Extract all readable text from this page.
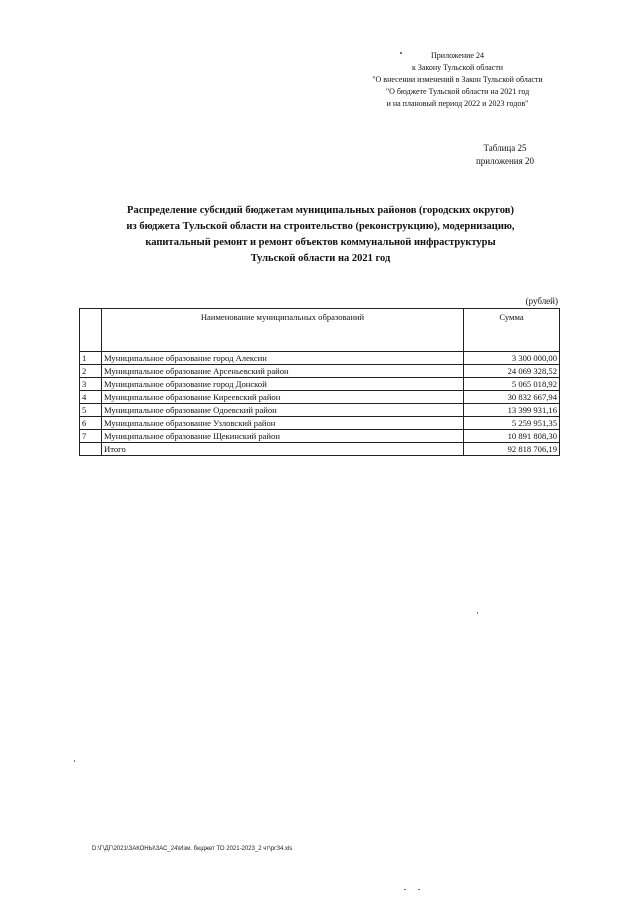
Приложение 24
к Закону Тульской области
"О внесении изменений в Закон Тульской области
"О бюджете Тульской области на 2021 год
и на плановый период 2022 и 2023 годов"
Таблица 25
приложения 20
Распределение субсидий бюджетам муниципальных районов (городских округов)
из бюджета Тульской области на строительство (реконструкцию), модернизацию,
капитальный ремонт и ремонт объектов коммунальной инфраструктуры
Тульской области на 2021 год
(рублей)
	Наименование муниципальных образований	Сумма
1	Муниципальное образование город Алексин	3 300 000,00
2	Муниципальное образование Арсеньевский район	24 069 328,52
3	Муниципальное образование город Донской	5 065 018,92
4	Муниципальное образование Киреевский район	30 832 667,94
5	Муниципальное образование Одоевский район	13 399 931,16
6	Муниципальное образование Узловский район	5 259 951,35
7	Муниципальное образование Щекинский район	10 891 808,30
	Итого	92 818 706,19
D:\Г\ДГ\2021\ЗАКОНЫ\ЗАС_24\Изм. бюджет ТО 2021-2023_2 чт\ргЗ4.xls
